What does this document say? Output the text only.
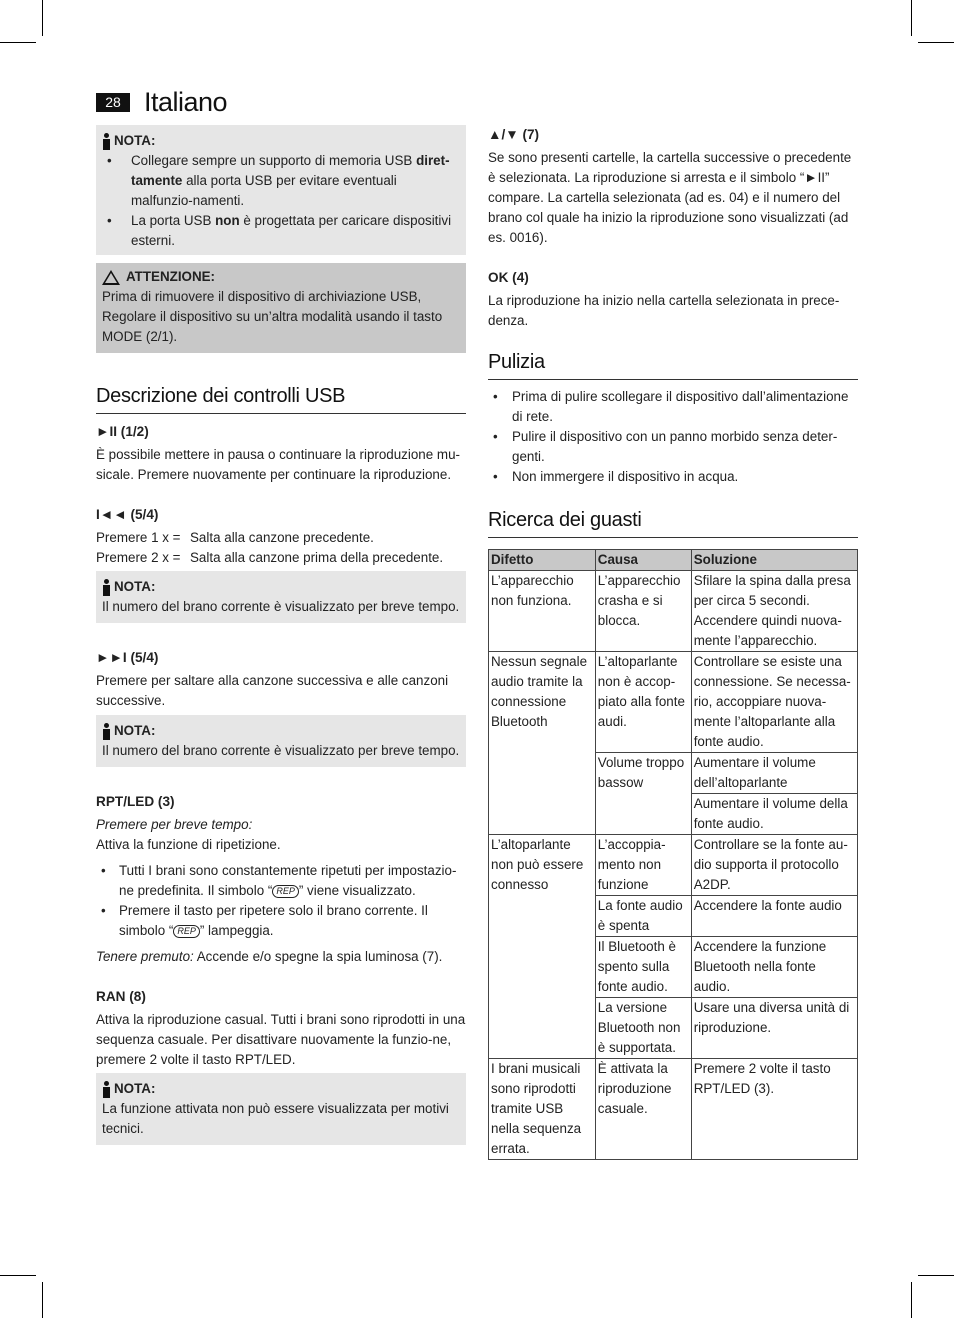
28 Italiano
NOTA:
• Collegare sempre un supporto di memoria USB diret-tamente alla porta USB per evitare eventuali malfunzio-namenti.
• La porta USB non è progettata per caricare dispositivi esterni.
ATTENZIONE:

Prima di rimuovere il dispositivo di archiviazione USB, Regolare il dispositivo su un’altra modalità usando il tasto MODE (2/1).

Descrizione dei controlli USB

►II (1/2)

È possibile mettere in pausa o continuare la riproduzione mu-sicale. Premere nuovamente per continuare la riproduzione.

I◄◄ (5/4)

Premere 1 x = Salta alla canzone precedente.
Premere 2 x = Salta alla canzone prima della precedente.
NOTA:

Il numero del brano corrente è visualizzato per breve tempo.

►►I (5/4)

Premere per saltare alla canzone successiva e alle canzoni successive.

NOTA:

Il numero del brano corrente è visualizzato per breve tempo.

RPT/LED (3)

Premere per breve tempo:

Attiva la funzione di ripetizione.

• Tutti I brani sono constantemente ripetuti per impostazio-ne predefinita. Il simbolo “ REP ” viene visualizzato.
• Premere il tasto per ripetere solo il brano corrente. Il simbolo “ REP ” lampeggia.

Tenere premuto: Accende e/o spegne la spia luminosa (7).

RAN (8)

Attiva la riproduzione casual. Tutti i brani sono riprodotti in una sequenza casuale. Per disattivare nuovamente la funzio-ne, premere 2 volte il tasto RPT/LED.

NOTA:

La funzione attivata non può essere visualizzata per motivi tecnici.

▲/▼ (7)

Se sono presenti cartelle, la cartella successive o precedente è selezionata. La riproduzione si arresta e il simbolo “►II” compare. La cartella selezionata (ad es. 04) e il numero del brano col quale ha inizio la riproduzione sono visualizzati (ad es. 0016).

OK (4)

La riproduzione ha inizio nella cartella selezionata in prece-denza.

Pulizia
• Prima di pulire scollegare il dispositivo dall’alimentazione di rete.
• Pulire il dispositivo con un panno morbido senza deter-genti.
• Non immergere il dispositivo in acqua.
Ricerca dei guasti
Difetto	Causa	Soluzione
L’apparecchio non funziona.	L’apparecchio crasha e si blocca.	Sfilare la spina dalla presa per circa 5 secondi. Accendere quindi nuova-mente l’apparecchio.
Nessun segnale audio tramite la connessione Bluetooth	L’altoparlante non è accop-piato alla fonte audi.	Controllare se esiste una connessione. Se necessa-rio, accoppiare nuova-mente l’altoparlante alla fonte audio.
	Volume troppo bassow	Aumentare il volume dell’altoparlante
		Aumentare il volume della fonte audio.
L’altoparlante non può essere connesso	L’accoppia-mento non funzione	Controllare se la fonte au-dio supporta il protocollo A2DP.
	La fonte audio è spenta	Accendere la fonte audio
	Il Bluetooth è spento sulla fonte audio.	Accendere la funzione Bluetooth nella fonte audio.
	La versione Bluetooth non è supportata.	Usare una diversa unità di riproduzione.
I brani musicali sono riprodotti tramite USB nella sequenza errata.	È attivata la riproduzione casuale.	Premere 2 volte il tasto RPT/LED (3).
